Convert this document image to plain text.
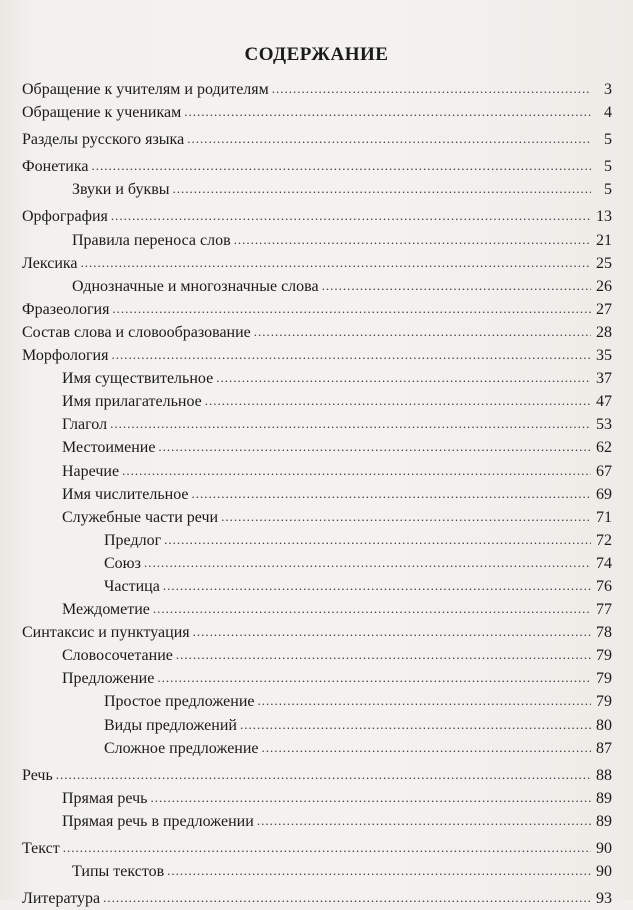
СОДЕРЖАНИЕ
Обращение к учителям и родителям .....	3
Обращение к ученикам .....	4
Разделы русского языка .....	5
Фонетика .....	5
Звуки и буквы .....	5
Орфография .....	13
Правила переноса слов .....	21
Лексика .....	25
Однозначные и многозначные слова .....	26
Фразеология .....	27
Состав слова и словообразование .....	28
Морфология .....	35
Имя существительное .....	37
Имя прилагательное .....	47
Глагол .....	53
Местоимение .....	62
Наречие .....	67
Имя числительное .....	69
Служебные части речи .....	71
Предлог .....	72
Союз .....	74
Частица .....	76
Междометие .....	77
Синтаксис и пунктуация .....	78
Словосочетание .....	79
Предложение .....	79
Простое предложение .....	79
Виды предложений .....	80
Сложное предложение .....	87
Речь .....	88
Прямая речь .....	89
Прямая речь в предложении .....	89
Текст .....	90
Типы текстов .....	90
Литература .....	93
